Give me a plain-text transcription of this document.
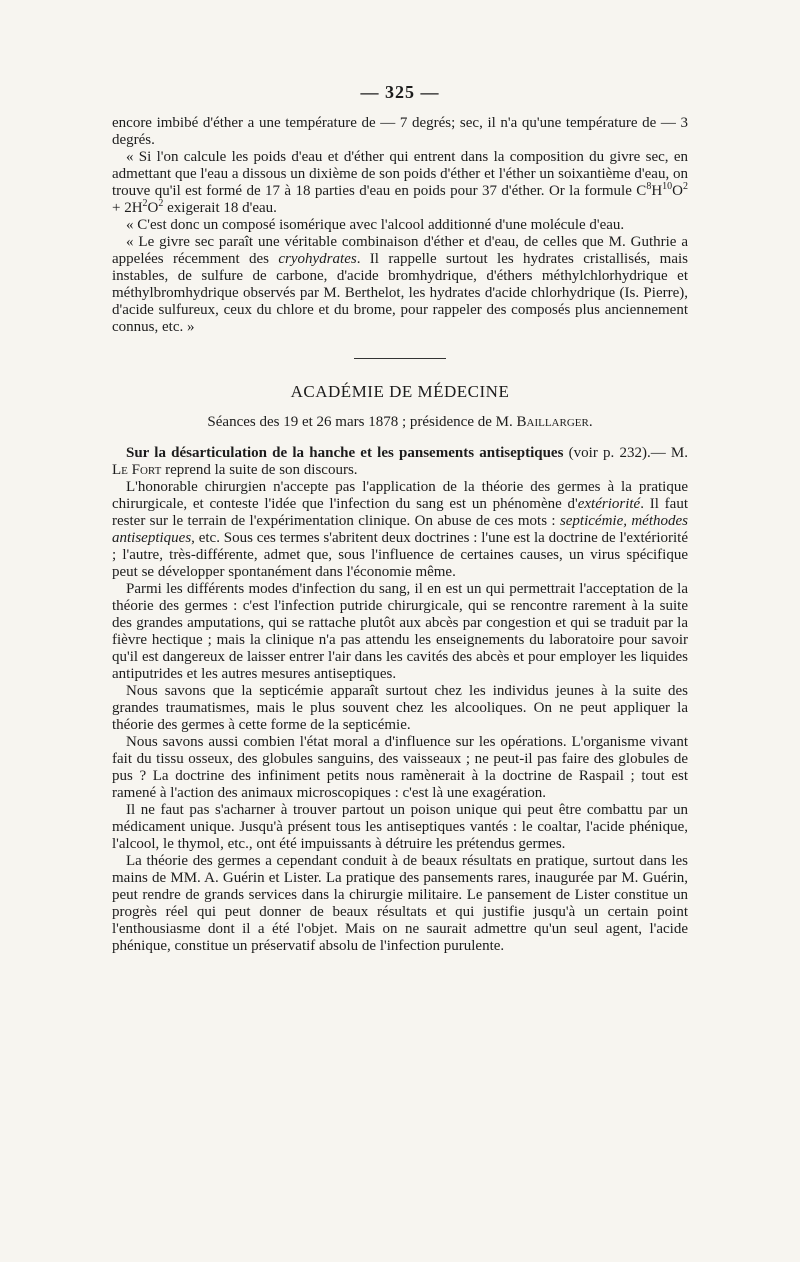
— 325 —

encore imbibé d'éther a une température de — 7 degrés; sec, il n'a qu'une température de — 3 degrés.

« Si l'on calcule les poids d'eau et d'éther qui entrent dans la composition du givre sec, en admettant que l'eau a dissous un dixième de son poids d'éther et l'éther un soixantième d'eau, on trouve qu'il est formé de 17 à 18 parties d'eau en poids pour 37 d'éther. Or la formule $C^8H^{10}O^2 + 2H^2O^2$ exigerait 18 d'eau.

« C'est donc un composé isomérique avec l'alcool additionné d'une molécule d'eau.

« Le givre sec paraît une véritable combinaison d'éther et d'eau, de celles que M. Guthrie a appelées récemment des cryohydrates. Il rappelle surtout les hydrates cristallisés, mais instables, de sulfure de carbone, d'acide bromhydrique, d'éthers méthylchlorhydrique et méthylbromhydrique observés par M. Berthelot, les hydrates d'acide chlorhydrique (Is. Pierre), d'acide sulfureux, ceux du chlore et du brome, pour rappeler des composés plus anciennement connus, etc. »

ACADÉMIE DE MÉDECINE
Séances des 19 et 26 mars 1878 ; présidence de M. Baillarger.

Sur la désarticulation de la hanche et les pansements antiseptiques (voir p. 232).— M. Le Fort reprend la suite de son discours.

L'honorable chirurgien n'accepte pas l'application de la théorie des germes à la pratique chirurgicale, et conteste l'idée que l'infection du sang est un phénomène d'extériorité. Il faut rester sur le terrain de l'expérimentation clinique. On abuse de ces mots : septicémie, méthodes antiseptiques, etc. Sous ces termes s'abritent deux doctrines : l'une est la doctrine de l'extériorité ; l'autre, très-différente, admet que, sous l'influence de certaines causes, un virus spécifique peut se développer spontanément dans l'économie même.

Parmi les différents modes d'infection du sang, il en est un qui permettrait l'acceptation de la théorie des germes : c'est l'infection putride chirurgicale, qui se rencontre rarement à la suite des grandes amputations, qui se rattache plutôt aux abcès par congestion et qui se traduit par la fièvre hectique ; mais la clinique n'a pas attendu les enseignements du laboratoire pour savoir qu'il est dangereux de laisser entrer l'air dans les cavités des abcès et pour employer les liquides antiputrides et les autres mesures antiseptiques.

Nous savons que la septicémie apparaît surtout chez les individus jeunes à la suite des grandes traumatismes, mais le plus souvent chez les alcooliques. On ne peut appliquer la théorie des germes à cette forme de la septicémie.

Nous savons aussi combien l'état moral a d'influence sur les opérations. L'organisme vivant fait du tissu osseux, des globules sanguins, des vaisseaux ; ne peut-il pas faire des globules de pus ? La doctrine des infiniment petits nous ramènerait à la doctrine de Raspail ; tout est ramené à l'action des animaux microscopiques : c'est là une exagération.

Il ne faut pas s'acharner à trouver partout un poison unique qui peut être combattu par un médicament unique. Jusqu'à présent tous les antiseptiques vantés : le coaltar, l'acide phénique, l'alcool, le thymol, etc., ont été impuissants à détruire les prétendus germes.

La théorie des germes a cependant conduit à de beaux résultats en pratique, surtout dans les mains de MM. A. Guérin et Lister. La pratique des pansements rares, inaugurée par M. Guérin, peut rendre de grands services dans la chirurgie militaire. Le pansement de Lister constitue un progrès réel qui peut donner de beaux résultats et qui justifie jusqu'à un certain point l'enthousiasme dont il a été l'objet. Mais on ne saurait admettre qu'un seul agent, l'acide phénique, constitue un préservatif absolu de l'infection purulente.
